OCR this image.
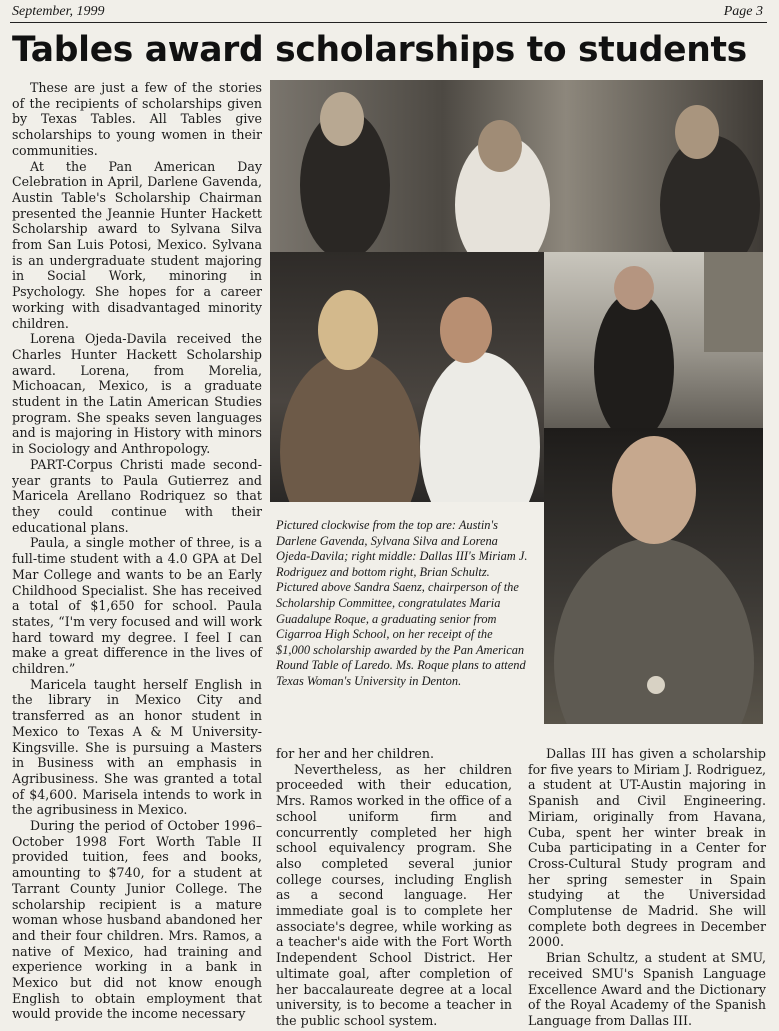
September, 1999	Page 3
Tables award scholarships to students

These are just a few of the stories of the recipients of scholarships given by Texas Tables. All Tables give scholarships to young women in their communities.

At the Pan American Day Celebration in April, Darlene Gavenda, Austin Table's Scholarship Chairman presented the Jeannie Hunter Hackett Scholarship award to Sylvana Silva from San Luis Potosi, Mexico. Sylvana is an undergraduate student majoring in Social Work, minoring in Psychology. She hopes for a career working with disadvantaged minority children.

Lorena Ojeda-Davila received the Charles Hunter Hackett Scholarship award. Lorena, from Morelia, Michoacan, Mexico, is a graduate student in the Latin American Studies program. She speaks seven languages and is majoring in History with minors in Sociology and Anthropology.

PART-Corpus Christi made second-year grants to Paula Gutierrez and Maricela Arellano Rodriquez so that they could continue with their educational plans.

Paula, a single mother of three, is a full-time student with a 4.0 GPA at Del Mar College and wants to be an Early Childhood Specialist. She has received a total of $1,650 for school. Paula states, “I'm very focused and will work hard toward my degree. I feel I can make a great difference in the lives of children.”

Maricela taught herself English in the library in Mexico City and transferred as an honor student in Mexico to Texas A & M University-Kingsville. She is pursuing a Masters in Business with an emphasis in Agribusiness. She was granted a total of $4,600. Marisela intends to work in the agribusiness in Mexico.

During the period of October 1996–October 1998 Fort Worth Table II provided tuition, fees and books, amounting to $740, for a student at Tarrant County Junior College. The scholarship recipient is a mature woman whose husband abandoned her and their four children. Mrs. Ramos, a native of Mexico, had training and experience working in a bank in Mexico but did not know enough English to obtain employment that would provide the income necessary

Pictured clockwise from the top are: Austin's Darlene Gavenda, Sylvana Silva and Lorena Ojeda-Davila; right middle: Dallas III's Miriam J. Rodriguez and bottom right, Brian Schultz. Pictured above Sandra Saenz, chairperson of the Scholarship Committee, congratulates Maria Guadalupe Roque, a graduating senior from Cigarroa High School, on her receipt of the $1,000 scholarship awarded by the Pan American Round Table of Laredo. Ms. Roque plans to attend Texas Woman's University in Denton.

for her and her children.

Nevertheless, as her children proceeded with their education, Mrs. Ramos worked in the office of a school uniform firm and concurrently completed her high school equivalency program. She also completed several junior college courses, including English as a second language. Her immediate goal is to complete her associate's degree, while working as a teacher's aide with the Fort Worth Independent School District. Her ultimate goal, after completion of her baccalaureate degree at a local university, is to become a teacher in the public school system.

Dallas III has given a scholarship for five years to Miriam J. Rodriguez, a student at UT-Austin majoring in Spanish and Civil Engineering. Miriam, originally from Havana, Cuba, spent her winter break in Cuba participating in a Center for Cross-Cultural Study program and her spring semester in Spain studying at the Universidad Complutense de Madrid. She will complete both degrees in December 2000.

Brian Schultz, a student at SMU, received SMU's Spanish Language Excellence Award and the Dictionary of the Royal Academy of the Spanish Language from Dallas III.
